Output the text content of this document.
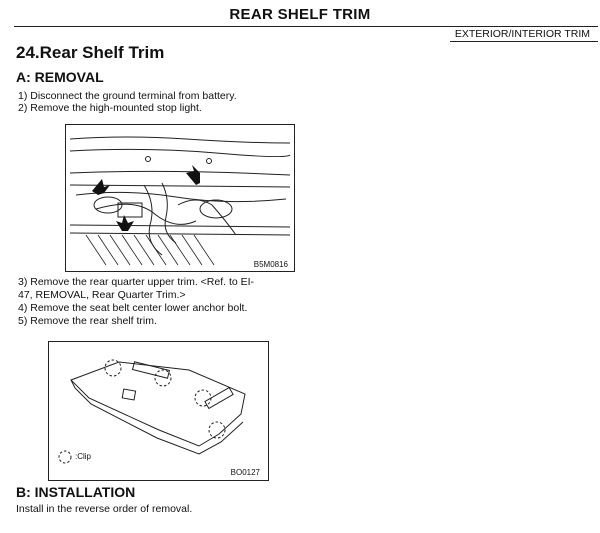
REAR SHELF TRIM
EXTERIOR/INTERIOR TRIM
24.Rear Shelf Trim
A: REMOVAL
1) Disconnect the ground terminal from battery.
2) Remove the high-mounted stop light.
B5M0816
3) Remove the rear quarter upper trim. <Ref. to EI-
47, REMOVAL, Rear Quarter Trim.>
4) Remove the seat belt center lower anchor bolt.
5) Remove the rear shelf trim.
:Clip
BO0127
B: INSTALLATION
Install in the reverse order of removal.
